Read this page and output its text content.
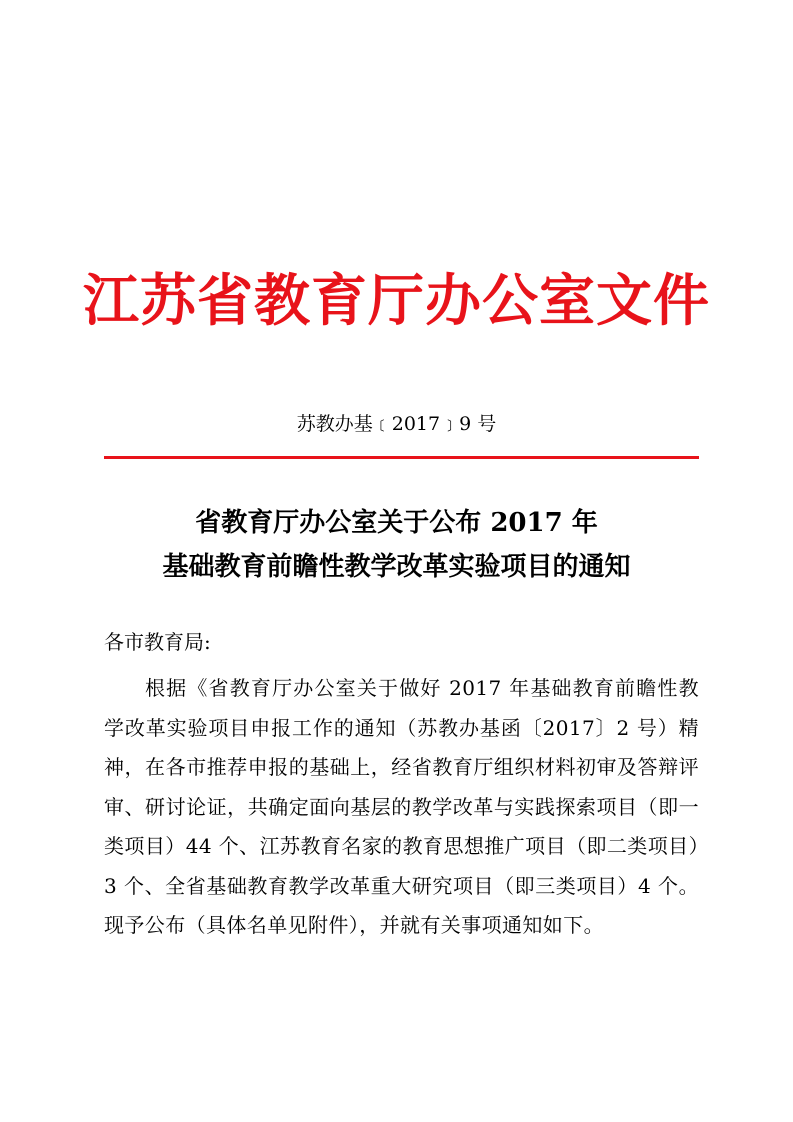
江苏省教育厅办公室文件
苏教办基﹝2017﹞9 号
省教育厅办公室关于公布 2017 年
基础教育前瞻性教学改革实验项目的通知
各市教育局:

根据《省教育厅办公室关于做好 2017 年基础教育前瞻性教学改革实验项目申报工作的通知（苏教办基函〔2017〕2 号）精神，在各市推荐申报的基础上，经省教育厅组织材料初审及答辩评审、研讨论证，共确定面向基层的教学改革与实践探索项目（即一类项目）44 个、江苏教育名家的教育思想推广项目（即二类项目）3 个、全省基础教育教学改革重大研究项目（即三类项目）4 个。现予公布（具体名单见附件），并就有关事项通知如下。
